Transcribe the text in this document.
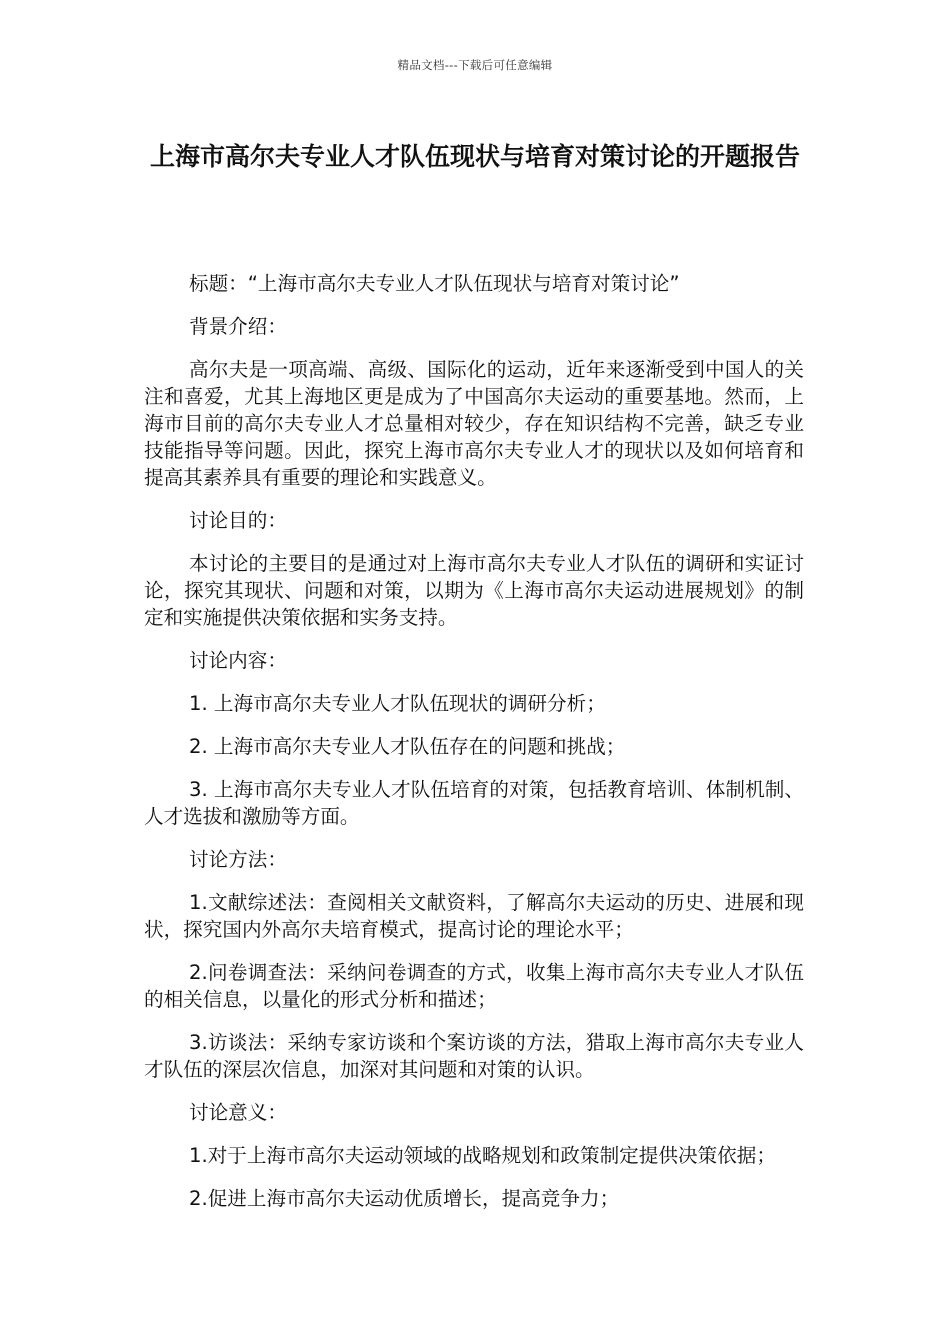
精品文档---下载后可任意编辑
上海市高尔夫专业人才队伍现状与培育对策讨论的开题报告

标题：“上海市高尔夫专业人才队伍现状与培育对策讨论”

背景介绍：

高尔夫是一项高端、高级、国际化的运动，近年来逐渐受到中国人的关注和喜爱，尤其上海地区更是成为了中国高尔夫运动的重要基地。然而，上海市目前的高尔夫专业人才总量相对较少，存在知识结构不完善，缺乏专业技能指导等问题。因此，探究上海市高尔夫专业人才的现状以及如何培育和提高其素养具有重要的理论和实践意义。

讨论目的：

本讨论的主要目的是通过对上海市高尔夫专业人才队伍的调研和实证讨论，探究其现状、问题和对策，以期为《上海市高尔夫运动进展规划》的制定和实施提供决策依据和实务支持。

讨论内容：

1. 上海市高尔夫专业人才队伍现状的调研分析；

2. 上海市高尔夫专业人才队伍存在的问题和挑战；

3. 上海市高尔夫专业人才队伍培育的对策，包括教育培训、体制机制、人才选拔和激励等方面。

讨论方法：

1.文献综述法：查阅相关文献资料，了解高尔夫运动的历史、进展和现状，探究国内外高尔夫培育模式，提高讨论的理论水平；

2.问卷调查法：采纳问卷调查的方式，收集上海市高尔夫专业人才队伍的相关信息，以量化的形式分析和描述；

3.访谈法：采纳专家访谈和个案访谈的方法，猎取上海市高尔夫专业人才队伍的深层次信息，加深对其问题和对策的认识。

讨论意义：

1.对于上海市高尔夫运动领域的战略规划和政策制定提供决策依据；

2.促进上海市高尔夫运动优质增长，提高竞争力；
